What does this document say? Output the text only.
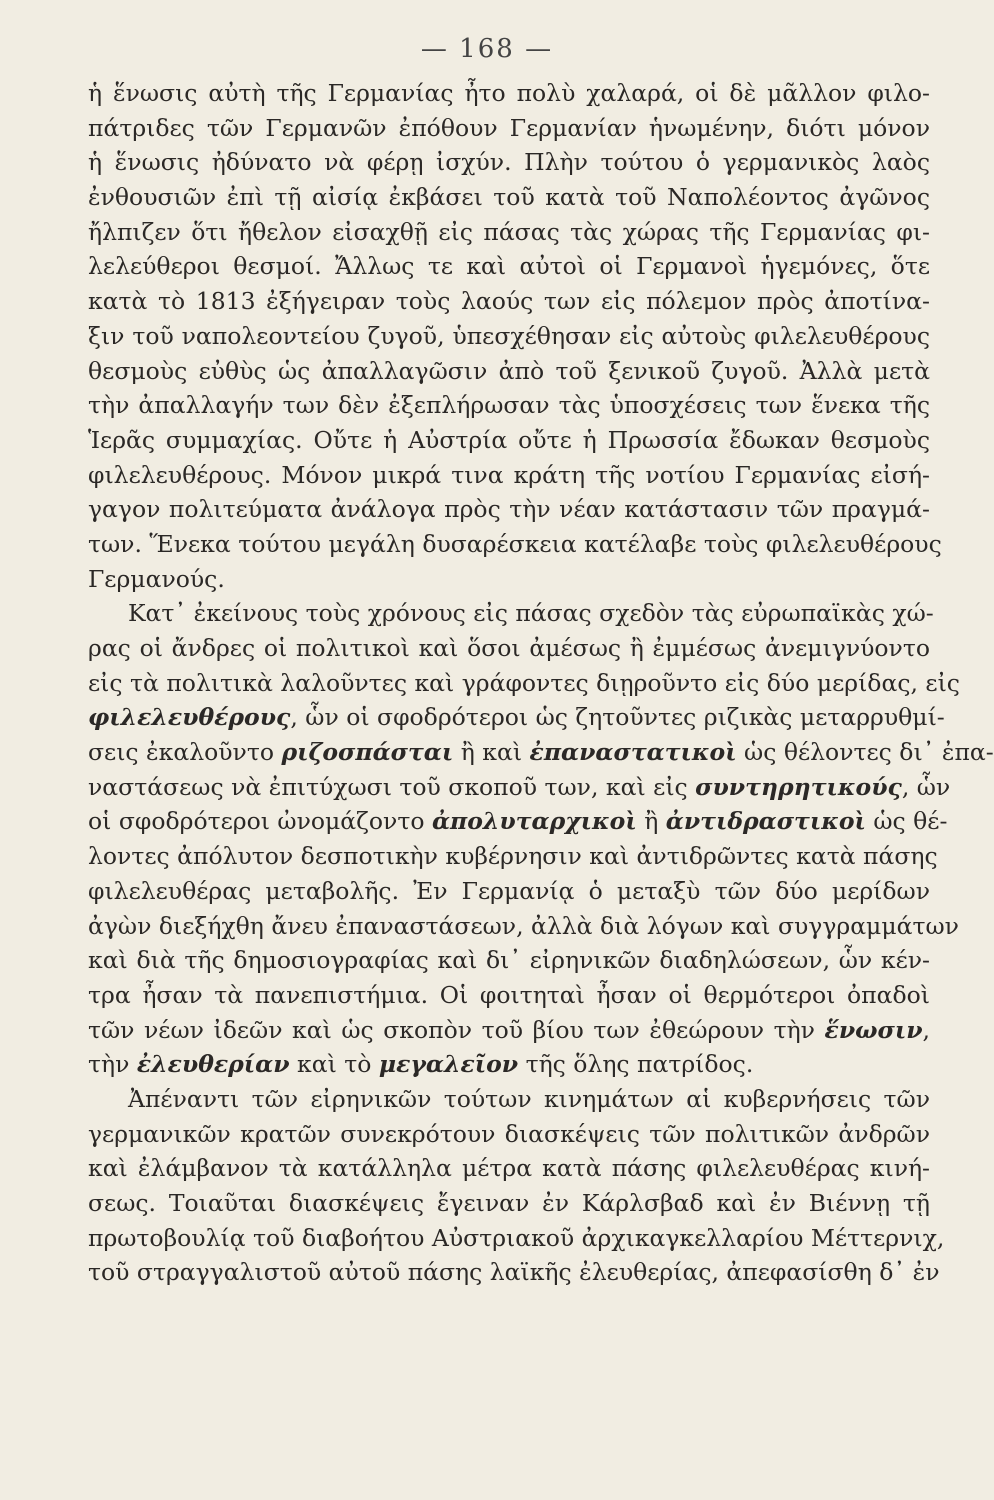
— 168 —
ἡ ἕνωσις αὐτὴ τῆς Γερμανίας ἦτο πολὺ χαλαρά, οἱ δὲ μᾶλλον φιλο-
πάτριδες τῶν Γερμανῶν ἐπόθουν Γερμανίαν ἡνωμένην, διότι μόνον
ἡ ἕνωσις ἠδύνατο νὰ φέρῃ ἰσχύν. Πλὴν τούτου ὁ γερμανικὸς λαὸς
ἐνθουσιῶν ἐπὶ τῇ αἰσίᾳ ἐκβάσει τοῦ κατὰ τοῦ Ναπολέοντος ἀγῶνος
ἤλπιζεν ὅτι ἤθελον εἰσαχθῇ εἰς πάσας τὰς χώρας τῆς Γερμανίας φι-
λελεύθεροι θεσμοί. Ἄλλως τε καὶ αὐτοὶ οἱ Γερμανοὶ ἡγεμόνες, ὅτε
κατὰ τὸ 1813 ἐξήγειραν τοὺς λαούς των εἰς πόλεμον πρὸς ἀποτίνα-
ξιν τοῦ ναπολεοντείου ζυγοῦ, ὑπεσχέθησαν εἰς αὐτοὺς φιλελευθέρους
θεσμοὺς εὐθὺς ὡς ἀπαλλαγῶσιν ἀπὸ τοῦ ξενικοῦ ζυγοῦ. Ἀλλὰ μετὰ
τὴν ἀπαλλαγήν των δὲν ἐξεπλήρωσαν τὰς ὑποσχέσεις των ἕνεκα τῆς
Ἱερᾶς συμμαχίας. Οὔτε ἡ Αὐστρία οὔτε ἡ Πρωσσία ἔδωκαν θεσμοὺς
φιλελευθέρους. Μόνον μικρά τινα κράτη τῆς νοτίου Γερμανίας εἰσή-
γαγον πολιτεύματα ἀνάλογα πρὸς τὴν νέαν κατάστασιν τῶν πραγμά-
των. Ἕνεκα τούτου μεγάλη δυσαρέσκεια κατέλαβε τοὺς φιλελευθέρους
Γερμανούς.
Κατ᾽ ἐκείνους τοὺς χρόνους εἰς πάσας σχεδὸν τὰς εὐρωπαϊκὰς χώ-
ρας οἱ ἄνδρες οἱ πολιτικοὶ καὶ ὅσοι ἀμέσως ἢ ἐμμέσως ἀνεμιγνύοντο
εἰς τὰ πολιτικὰ λαλοῦντες καὶ γράφοντες διῃροῦντο εἰς δύο μερίδας, εἰς
φιλελευθέρους, ὧν οἱ σφοδρότεροι ὡς ζητοῦντες ριζικὰς μεταρρυθμί-
σεις ἐκαλοῦντο ριζοσπάσται ἢ καὶ ἐπαναστατικοὶ ὡς θέλοντες δι᾽ ἐπα-
ναστάσεως νὰ ἐπιτύχωσι τοῦ σκοποῦ των, καὶ εἰς συντηρητικούς, ὧν
οἱ σφοδρότεροι ὠνομάζοντο ἀπολυταρχικοὶ ἢ ἀντιδραστικοὶ ὡς θέ-
λοντες ἀπόλυτον δεσποτικὴν κυβέρνησιν καὶ ἀντιδρῶντες κατὰ πάσης
φιλελευθέρας μεταβολῆς. Ἐν Γερμανίᾳ ὁ μεταξὺ τῶν δύο μερίδων
ἀγὼν διεξήχθη ἄνευ ἐπαναστάσεων, ἀλλὰ διὰ λόγων καὶ συγγραμμάτων
καὶ διὰ τῆς δημοσιογραφίας καὶ δι᾽ εἰρηνικῶν διαδηλώσεων, ὧν κέν-
τρα ἦσαν τὰ πανεπιστήμια. Οἱ φοιτηταὶ ἦσαν οἱ θερμότεροι ὀπαδοὶ
τῶν νέων ἰδεῶν καὶ ὡς σκοπὸν τοῦ βίου των ἐθεώρουν τὴν ἕνωσιν,
τὴν ἐλευθερίαν καὶ τὸ μεγαλεῖον τῆς ὅλης πατρίδος.
Ἀπέναντι τῶν εἰρηνικῶν τούτων κινημάτων αἱ κυβερνήσεις τῶν
γερμανικῶν κρατῶν συνεκρότουν διασκέψεις τῶν πολιτικῶν ἀνδρῶν
καὶ ἐλάμβανον τὰ κατάλληλα μέτρα κατὰ πάσης φιλελευθέρας κινή-
σεως. Τοιαῦται διασκέψεις ἔγειναν ἐν Κάρλσβαδ καὶ ἐν Βιέννῃ τῇ
πρωτοβουλίᾳ τοῦ διαβοήτου Αὐστριακοῦ ἀρχικαγκελλαρίου Μέττερνιχ,
τοῦ στραγγαλιστοῦ αὐτοῦ πάσης λαϊκῆς ἐλευθερίας, ἀπεφασίσθη δ᾽ ἐν
